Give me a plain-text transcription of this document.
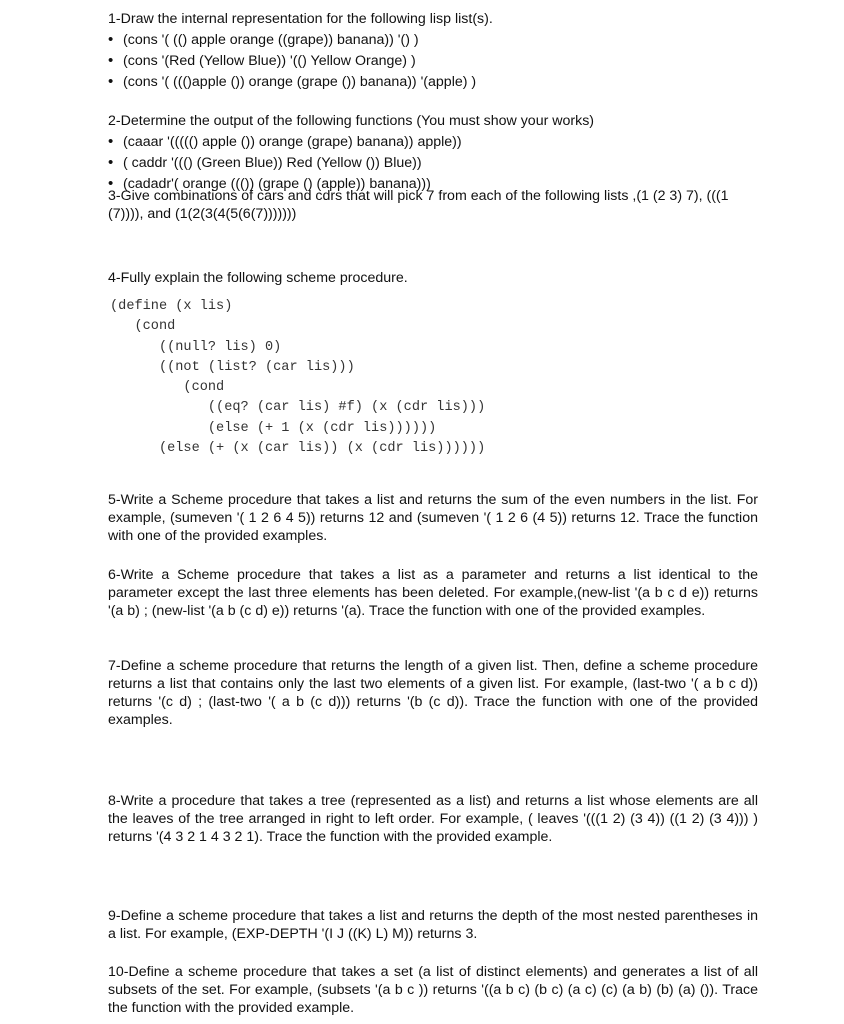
1-Draw the internal representation for the following lisp list(s).

• (cons '( (() apple orange ((grape)) banana)) '() )
• (cons '(Red (Yellow Blue)) '(() Yellow Orange) )
• (cons '( ((()apple ()) orange (grape ()) banana)) '(apple) )

2-Determine the output of the following functions (You must show your works)

• (caaar '((((() apple ()) orange (grape) banana)) apple))
• ( caddr '((() (Green Blue)) Red (Yellow ()) Blue))
• (cadadr'( orange ((()) (grape () (apple)) banana)))

3-Give combinations of cars and cdrs that will pick 7 from each of the following lists ,(1 (2 3) 7), (((1

(7)))), and (1(2(3(4(5(6(7)))))))

4-Fully explain the following scheme procedure.

(define (x lis)
(cond
((null? lis) 0)
((not (list? (car lis)))
(cond
((eq? (car lis) #f) (x (cdr lis)))
(else (+ 1 (x (cdr lis))))))
(else (+ (x (car lis)) (x (cdr lis))))))

5-Write a Scheme procedure that takes a list and returns the sum of the even numbers in the list. For example, (sumeven '( 1 2 6 4 5)) returns 12 and (sumeven '( 1 2 6 (4 5)) returns 12. Trace the function with one of the provided examples.

6-Write a Scheme procedure that takes a list as a parameter and returns a list identical to the parameter except the last three elements has been deleted. For example,(new-list '(a b c d e)) returns '(a b) ; (new-list '(a b (c d) e)) returns '(a). Trace the function with one of the provided examples.

7-Define a scheme procedure that returns the length of a given list. Then, define a scheme procedure returns a list that contains only the last two elements of a given list. For example, (last-two '( a b c d)) returns '(c d) ; (last-two '( a b (c d))) returns '(b (c d)). Trace the function with one of the provided examples.

8-Write a procedure that takes a tree (represented as a list) and returns a list whose elements are all the leaves of the tree arranged in right to left order. For example, ( leaves '(((1 2) (3 4)) ((1 2) (3 4))) ) returns '(4 3 2 1 4 3 2 1). Trace the function with the provided example.

9-Define a scheme procedure that takes a list and returns the depth of the most nested parentheses in a list. For example, (EXP-DEPTH '(I J ((K) L) M)) returns 3.

10-Define a scheme procedure that takes a set (a list of distinct elements) and generates a list of all subsets of the set. For example, (subsets '(a b c )) returns '((a b c) (b c) (a c) (c) (a b) (b) (a) ()). Trace the function with the provided example.
